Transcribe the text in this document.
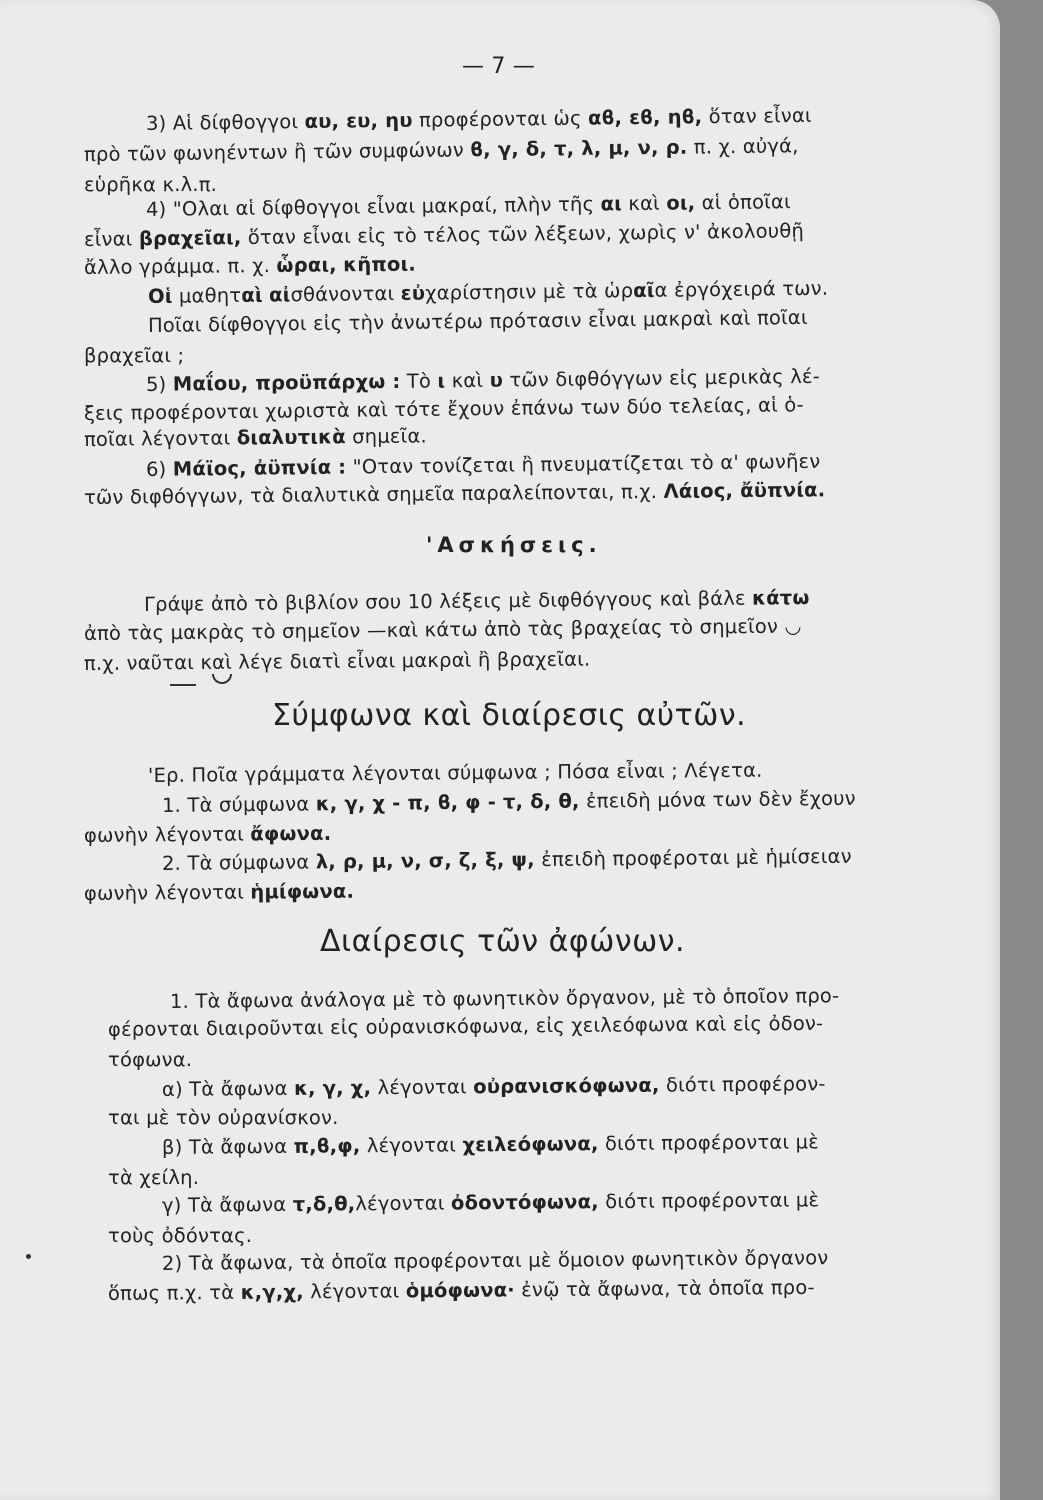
— 7 —
3) Αἱ δίφθογγοι αυ, ευ, ηυ προφέρονται ὡς αϐ, εϐ, ηϐ, ὅταν εἶναι
πρὸ τῶν φωνηέντων ἢ τῶν συμφώνων ϐ, γ, δ, τ, λ, μ, ν, ρ. π. χ. αὐγά,
εὑρῆκα κ.λ.π.
4) "Ολαι αἱ δίφθογγοι εἶναι μακραί, πλὴν τῆς αι καὶ οι, αἱ ὁποῖαι
εἶναι βραχεῖαι, ὅταν εἶναι εἰς τὸ τέλος τῶν λέξεων, χωρὶς ν' ἀκολουθῇ
ἄλλο γράμμα. π. χ. ὧραι, κῆποι.
Οἱ μαθηταὶ αἰσθάνονται εὐχαρίστησιν μὲ τὰ ὡραῖα ἐργόχειρά των.
Ποῖαι δίφθογγοι εἰς τὴν ἀνωτέρω πρότασιν εἶναι μακραὶ καὶ ποῖαι
βραχεῖαι ;
5) Μαΐου, προϋπάρχω : Τὸ ι καὶ υ τῶν διφθόγγων εἰς μερικὰς λέ-
ξεις προφέρονται χωριστὰ καὶ τότε ἔχουν ἐπάνω των δύο τελείας, αἱ ὁ-
ποῖαι λέγονται διαλυτικὰ σημεῖα.
6) Μάϊος, ἀϋπνία : "Οταν τονίζεται ἢ πνευματίζεται τὸ α' φωνῆεν
τῶν διφθόγγων, τὰ διαλυτικὰ σημεῖα παραλείπονται, π.χ. Λάιος, ἄϋπνία.
'Ασκήσεις.
Γράψε ἀπὸ τὸ βιβλίον σου 10 λέξεις μὲ διφθόγγους καὶ βάλε κάτω
ἀπὸ τὰς μακρὰς τὸ σημεῖον —καὶ κάτω ἀπὸ τὰς βραχείας τὸ σημεῖον ◡
π.χ. ναῦται καὶ λέγε διατὶ εἶναι μακραὶ ἢ βραχεῖαι.
Σύμφωνα καὶ διαίρεσις αὐτῶν.
'Ερ. Ποῖα γράμματα λέγονται σύμφωνα ; Πόσα εἶναι ; Λέγετα.
1. Τὰ σύμφωνα κ, γ, χ - π, ϐ, φ - τ, δ, θ, ἐπειδὴ μόνα των δὲν ἔχουν
φωνὴν λέγονται ἄφωνα.
2. Τὰ σύμφωνα λ, ρ, μ, ν, σ, ζ, ξ, ψ, ἐπειδὴ προφέροται μὲ ἡμίσειαν
φωνὴν λέγονται ἡμίφωνα.
Διαίρεσις τῶν ἀφώνων.
1. Τὰ ἄφωνα ἀνάλογα μὲ τὸ φωνητικὸν ὄργανον, μὲ τὸ ὁποῖον προ-
φέρονται διαιροῦνται εἰς οὐρανισκόφωνα, εἰς χειλεόφωνα καὶ εἰς ὀδον-
τόφωνα.
α) Τὰ ἄφωνα κ, γ, χ, λέγονται οὐρανισκόφωνα, διότι προφέρον-
ται μὲ τὸν οὐρανίσκον.
β) Τὰ ἄφωνα π,ϐ,φ, λέγονται χειλεόφωνα, διότι προφέρονται μὲ
τὰ χείλη.
γ) Τὰ ἄφωνα τ,δ,θ,λέγονται ὀδοντόφωνα, διότι προφέρονται μὲ
τοὺς ὀδόντας.
2) Τὰ ἄφωνα, τὰ ὁποῖα προφέρονται μὲ ὅμοιον φωνητικὸν ὄργανον
ὅπως π.χ. τὰ κ,γ,χ, λέγονται ὁμόφωνα· ἐνῷ τὰ ἄφωνα, τὰ ὁποῖα προ-
